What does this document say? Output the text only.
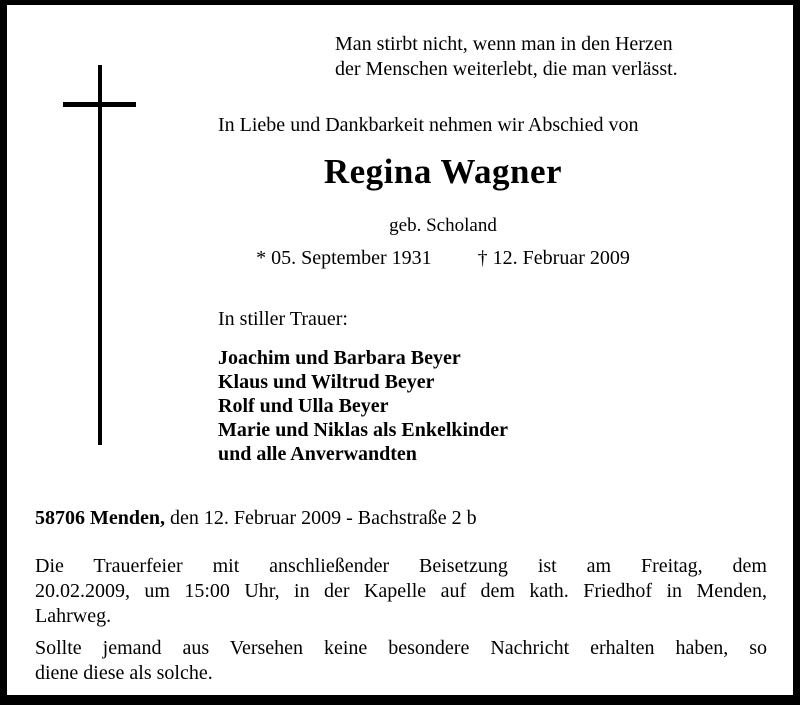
Man stirbt nicht, wenn man in den Herzen
der Menschen weiterlebt, die man verlässt.
In Liebe und Dankbarkeit nehmen wir Abschied von
Regina Wagner
geb. Scholand
* 05. September 1931 † 12. Februar 2009
In stiller Trauer:
Joachim und Barbara Beyer
Klaus und Wiltrud Beyer
Rolf und Ulla Beyer
Marie und Niklas als Enkelkinder
und alle Anverwandten
58706 Menden, den 12. Februar 2009 - Bachstraße 2 b
Die Trauerfeier mit anschließender Beisetzung ist am Freitag, dem
20.02.2009, um 15:00 Uhr, in der Kapelle auf dem kath. Friedhof in Menden,
Lahrweg.
Sollte jemand aus Versehen keine besondere Nachricht erhalten haben, so
diene diese als solche.
